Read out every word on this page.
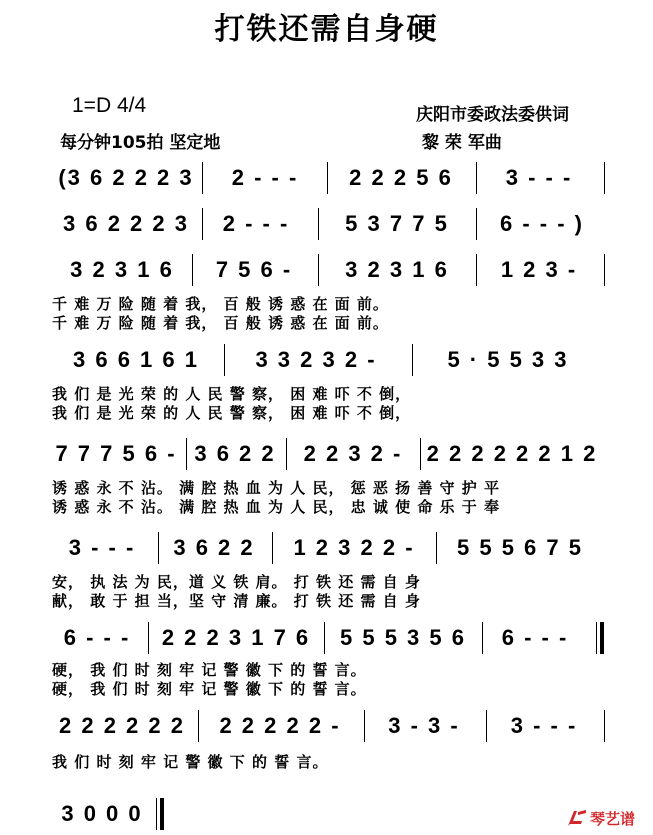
打铁还需自身硬
1=D 4/4
每分钟105拍 坚定地
庆阳市委政法委供词
黎 荣 军曲
(3 6 2 2 2 3	2 - - -	2 2 2 5 6	3 - - -
3 6 2 2 2 3	2 - - -	5 3 7 7 5	6 - - - )
3 2 3 1 6	7 5 6 -	3 2 3 1 6	1 2 3 -
千 难 万 险 随 着 我， 百 般 诱 惑 在 面 前。
千 难 万 险 随 着 我， 百 般 诱 惑 在 面 前。
3 6 6 1 6 1	3 3 2 3 2 -	5 · 5 5 3 3
我 们 是 光 荣 的 人 民 警 察， 困 难 吓 不 倒，
我 们 是 光 荣 的 人 民 警 察， 困 难 吓 不 倒，
7 7 7 5 6 - 3 6 2 2	2 2 3 2 -	2 2 2 2 2 2 1 2
诱 惑 永 不 沾。 满 腔 热 血 为 人 民， 惩 恶 扬 善 守 护 平
诱 惑 永 不 沾。 满 腔 热 血 为 人 民， 忠 诚 使 命 乐 于 奉
3 - - -	3 6 2 2	1 2 3 2 2 -	5 5 5 6 7 5
安， 执 法 为 民，道 义 铁 肩。 打 铁 还 需 自 身
献， 敢 于 担 当，坚 守 清 廉。 打 铁 还 需 自 身
6 - - -	2 2 2 3 1 7 6	5 5 5 3 5 6	6 - - -
硬， 我 们 时 刻 牢 记 警 徽 下 的 誓 言。
硬， 我 们 时 刻 牢 记 警 徽 下 的 誓 言。
2 2 2 2 2 2	2 2 2 2 2 -	3 - 3 -	3 - - -
我 们 时 刻 牢 记 警 徽 下 的 誓 言。
3 0 0 0	琴艺谱
